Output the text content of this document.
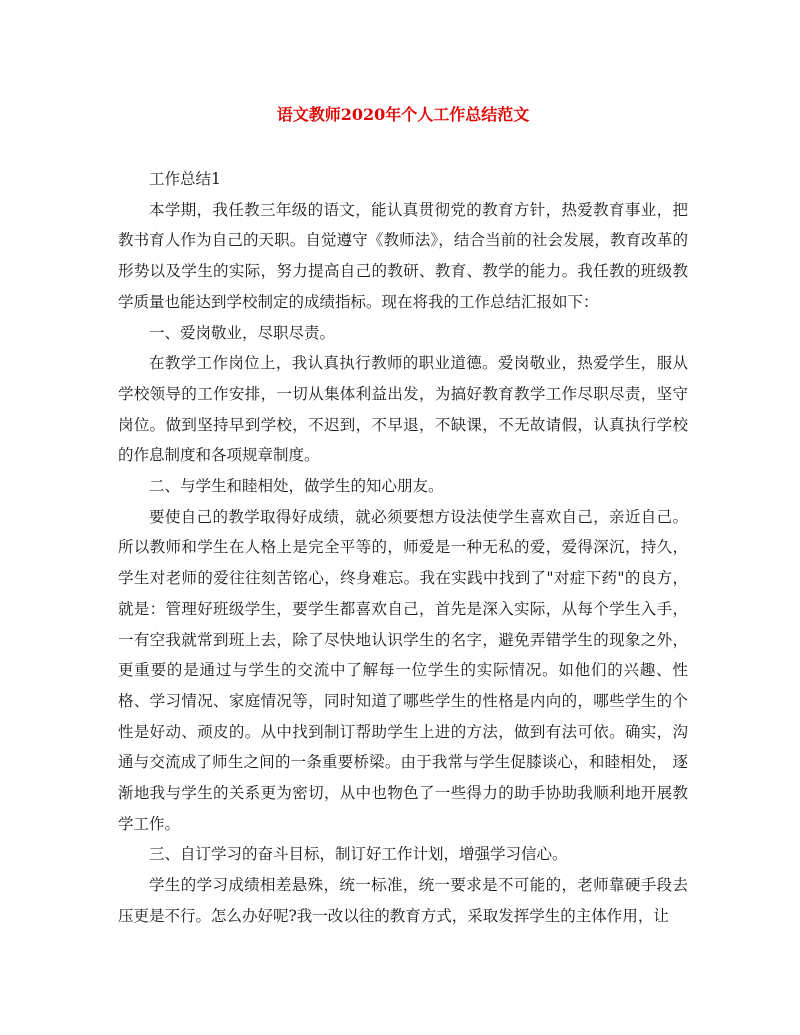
语文教师2020年个人工作总结范文

工作总结1

本学期，我任教三年级的语文，能认真贯彻党的教育方针，热爱教育事业，把教书育人作为自己的天职。自觉遵守《教师法》，结合当前的社会发展，教育改革的形势以及学生的实际，努力提高自己的教研、教育、教学的能力。我任教的班级教学质量也能达到学校制定的成绩指标。现在将我的工作总结汇报如下：

一、爱岗敬业，尽职尽责。

在教学工作岗位上，我认真执行教师的职业道德。爱岗敬业，热爱学生，服从学校领导的工作安排，一切从集体利益出发，为搞好教育教学工作尽职尽责，坚守岗位。做到坚持早到学校，不迟到，不早退，不缺课，不无故请假，认真执行学校的作息制度和各项规章制度。

二、与学生和睦相处，做学生的知心朋友。

要使自己的教学取得好成绩，就必须要想方设法使学生喜欢自己，亲近自己。所以教师和学生在人格上是完全平等的，师爱是一种无私的爱，爱得深沉，持久，学生对老师的爱往往刻苦铭心，终身难忘。我在实践中找到了"对症下药"的良方，就是：管理好班级学生，要学生都喜欢自己，首先是深入实际，从每个学生入手，一有空我就常到班上去，除了尽快地认识学生的名字，避免弄错学生的现象之外，更重要的是通过与学生的交流中了解每一位学生的实际情况。如他们的兴趣、性格、学习情况、家庭情况等，同时知道了哪些学生的性格是内向的，哪些学生的个性是好动、顽皮的。从中找到制订帮助学生上进的方法，做到有法可依。确实，沟通与交流成了师生之间的一条重要桥梁。由于我常与学生促膝谈心，和睦相处， 逐渐地我与学生的关系更为密切，从中也物色了一些得力的助手协助我顺利地开展教学工作。

三、自订学习的奋斗目标，制订好工作计划，增强学习信心。

学生的学习成绩相差悬殊，统一标准，统一要求是不可能的，老师靠硬手段去压更是不行。怎么办好呢?我一改以往的教育方式，采取发挥学生的主体作用，让
